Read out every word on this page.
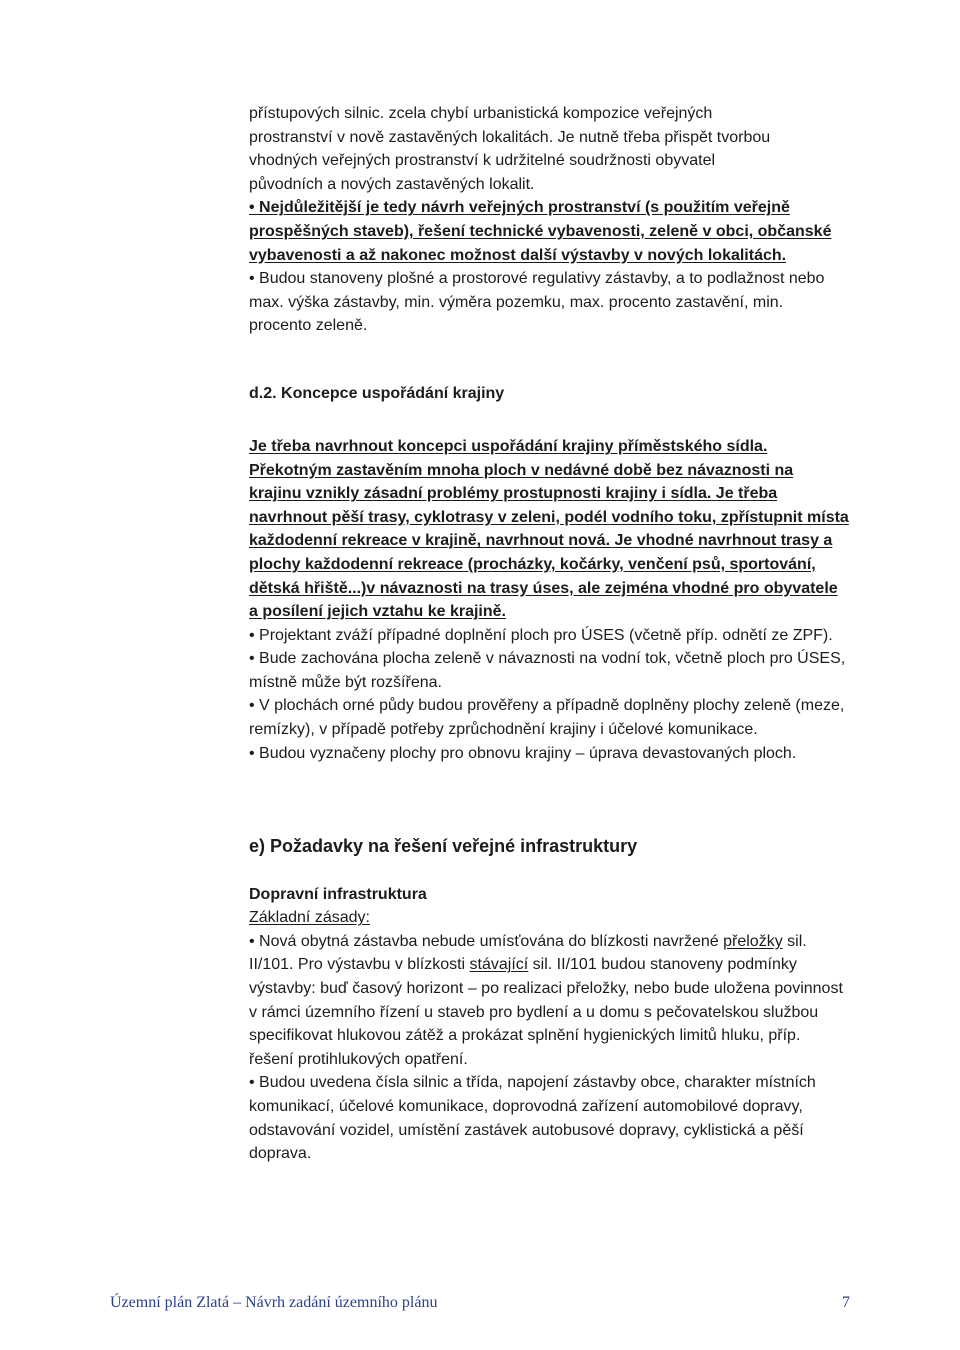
přístupových silnic. zcela chybí urbanistická kompozice veřejných
prostranství v nově zastavěných lokalitách. Je nutně třeba přispět tvorbou
vhodných veřejných prostranství k udržitelné soudržnosti obyvatel
původních a nových zastavěných lokalit.

• Nejdůležitější je tedy návrh veřejných prostranství (s použitím veřejně prospěšných staveb), řešení technické vybavenosti, zeleně v obci, občanské vybavenosti a až nakonec možnost další výstavby v nových lokalitách.

• Budou stanoveny plošné a prostorové regulativy zástavby, a to podlažnost nebo max. výška zástavby, min. výměra pozemku, max. procento zastavění, min. procento zeleně.

d.2. Koncepce uspořádání krajiny

Je třeba navrhnout koncepci uspořádání krajiny příměstského sídla. Překotným zastavěním mnoha ploch v nedávné době bez návaznosti na krajinu vznikly zásadní problémy prostupnosti krajiny i sídla. Je třeba navrhnout pěší trasy, cyklotrasy v zeleni, podél vodního toku, zpřístupnit místa každodenní rekreace v krajině, navrhnout nová. Je vhodné navrhnout trasy a plochy každodenní rekreace (procházky, kočárky, venčení psů, sportování, dětská hřiště...)v návaznosti na trasy úses, ale zejména vhodné pro obyvatele a posílení jejich vztahu ke krajině.

• Projektant zváží případné doplnění ploch pro ÚSES (včetně příp. odnětí ze ZPF).

• Bude zachována plocha zeleně v návaznosti na vodní tok, včetně ploch pro ÚSES, místně může být rozšířena.

• V plochách orné půdy budou prověřeny a případně doplněny plochy zeleně (meze, remízky), v případě potřeby zprůchodnění krajiny i účelové komunikace.

• Budou vyznačeny plochy pro obnovu krajiny – úprava devastovaných ploch.

e) Požadavky na řešení veřejné infrastruktury

Dopravní infrastruktura

Základní zásady:

• Nová obytná zástavba nebude umísťována do blízkosti navržené přeložky sil. II/101. Pro výstavbu v blízkosti stávající sil. II/101 budou stanoveny podmínky výstavby: buď časový horizont – po realizaci přeložky, nebo bude uložena povinnost v rámci územního řízení u staveb pro bydlení a u domu s pečovatelskou službou specifikovat hlukovou zátěž a prokázat splnění hygienických limitů hluku, příp. řešení protihlukových opatření.

• Budou uvedena čísla silnic a třída, napojení zástavby obce, charakter místních komunikací, účelové komunikace, doprovodná zařízení automobilové dopravy, odstavování vozidel, umístění zastávek autobusové dopravy, cyklistická a pěší doprava.

Územní plán Zlatá – Návrh zadání územního plánu	7
